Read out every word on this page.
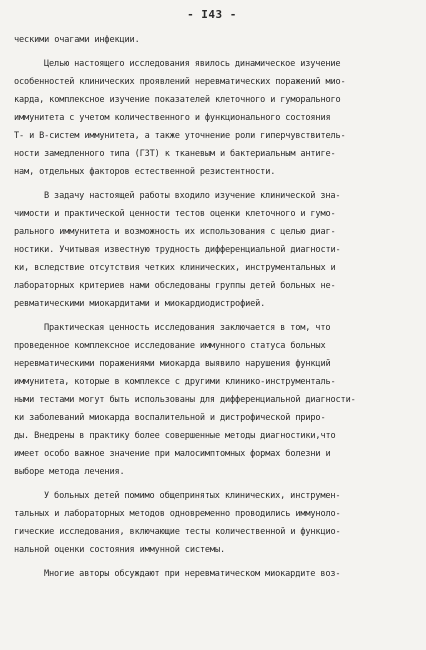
- I43 -
ческими очагами инфекции.
Целью настоящего исследования явилось динамическое изучение
особенностей клинических проявлений неревматических поражений мио-
карда, комплексное изучение показателей клеточного и гуморального
иммунитета с учетом количественного и функционального состояния
Т- и В-систем иммунитета, а также уточнение роли гиперчувствитель-
ности замедленного типа (ГЗТ) к тканевым и бактериальным антиге-
нам, отдельных факторов естественной резистентности.
В задачу настоящей работы входило изучение клинической зна-
чимости и практической ценности тестов оценки клеточного и гумо-
рального иммунитета и возможность их использования с целью диаг-
ностики. Учитывая известную трудность дифференциальной диагности-
ки, вследствие отсутствия четких клинических, инструментальных и
лабораторных критериев нами обследованы группы детей больных не-
ревматическими миокардитами и миокардиодистрофией.
Практическая ценность исследования заключается в том, что
проведенное комплексное исследование иммунного статуса больных
неревматическими поражениями миокарда выявило нарушения функций
иммунитета, которые в комплексе с другими клинико-инструменталь-
ными тестами могут быть использованы для дифференциальной диагности-
ки заболеваний миокарда воспалительной и дистрофической приро-
ды. Внедрены в практику более совершенные методы диагностики,что
имеет особо важное значение при малосимптомных формах болезни и
выборе метода лечения.
У больных детей помимо общепринятых клинических, инструмен-
тальных и лабораторных методов одновременно проводились иммуноло-
гические исследования, включающие тесты количественной и функцио-
нальной оценки состояния иммунной системы.
Многие авторы обсуждают при неревматическом миокардите воз-
